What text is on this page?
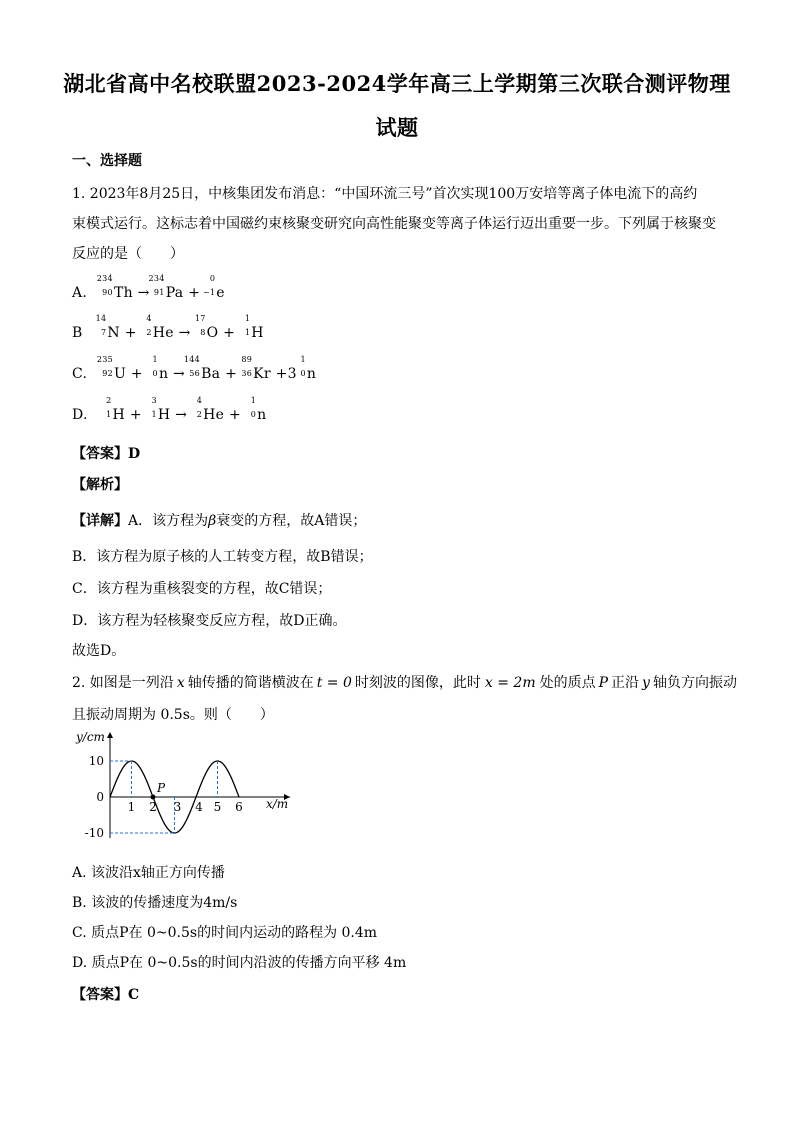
湖北省高中名校联盟2023-2024学年高三上学期第三次联合测评物理
试题
一、选择题
1. 2023年8月25日，中核集团发布消息：“中国环流三号”首次实现100万安培等离子体电流下的高约
束模式运行。这标志着中国磁约束核聚变研究向高性能聚变等离子体运行迈出重要一步。下列属于核聚变
反应的是（　　）
A.
234
90 Th →
234
91 Pa +
0
−1 e
B
14
7 N +
4
2 He →
17
8 O +
1
1 H
C.
235
92 U +
1
0 n →
144
56 Ba +
89
36 Kr +3
1
0 n
D.
2
1 H +
3
1 H →
4
2 He +
1
0 n
【答案】D
【解析】
【详解】A．该方程为β衰变的方程，故A错误；
B．该方程为原子核的人工转变方程，故B错误；
C．该方程为重核裂变的方程，故C错误；
D．该方程为轻核聚变反应方程，故D正确。
故选D。
2. 如图是一列沿 x 轴传播的简谐横波在 t = 0 时刻波的图像，此时 x = 2m 处的质点 P 正沿 y 轴负方向振动
且振动周期为 0.5s。则（　　）
y/cm
x/m
10
0
-10
1 2 3 4 5 6
P
A. 该波沿x轴正方向传播
B. 该波的传播速度为4m/s
C. 质点P在 0~0.5s的时间内运动的路程为 0.4m
D. 质点P在 0~0.5s的时间内沿波的传播方向平移 4m
【答案】C
